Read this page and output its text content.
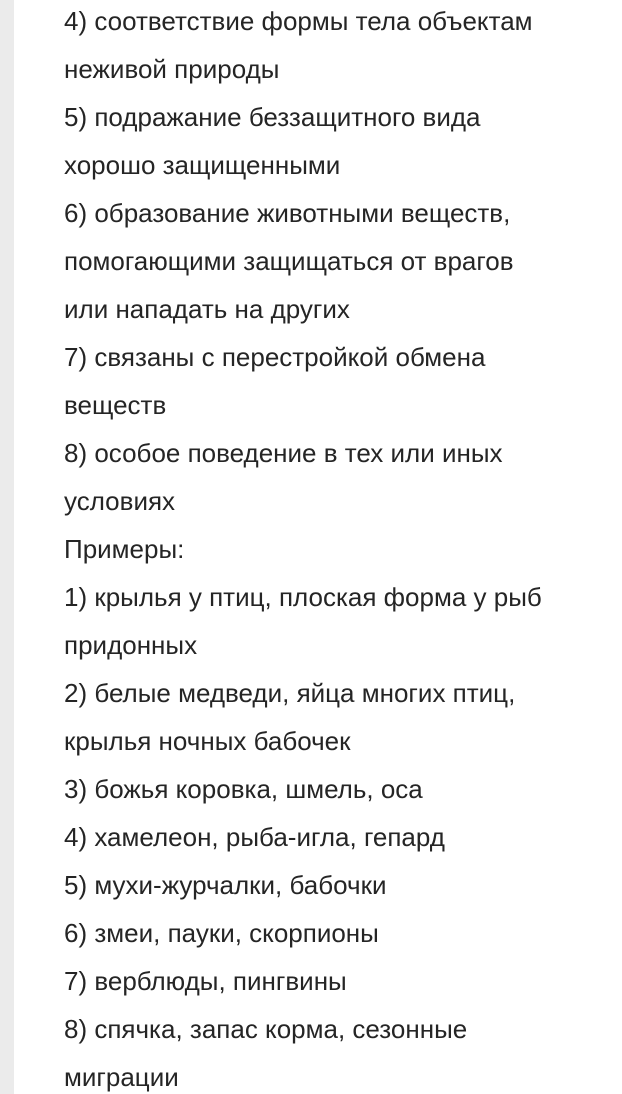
4) соответствие формы тела объектам
неживой природы
5) подражание беззащитного вида
хорошо защищенными
6) образование животными веществ,
помогающими защищаться от врагов
или нападать на других
7) связаны с перестройкой обмена
веществ
8) особое поведение в тех или иных
условиях
Примеры:
1) крылья у птиц, плоская форма у рыб
придонных
2) белые медведи, яйца многих птиц,
крылья ночных бабочек
3) божья коровка, шмель, оса
4) хамелеон, рыба-игла, гепард
5) мухи-журчалки, бабочки
6) змеи, пауки, скорпионы
7) верблюды, пингвины
8) спячка, запас корма, сезонные
миграции
